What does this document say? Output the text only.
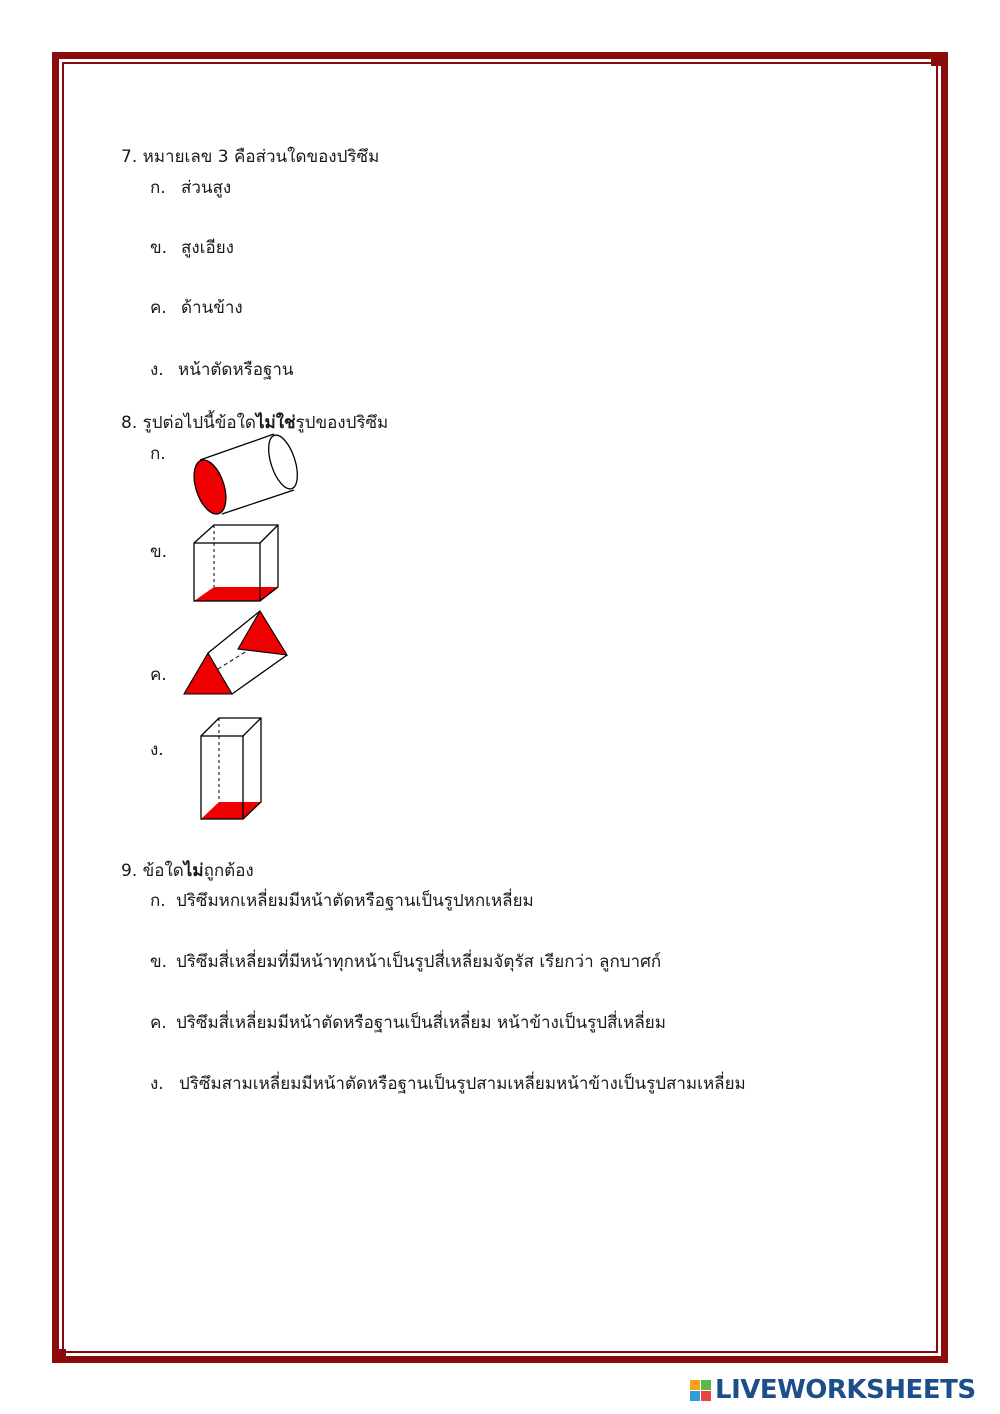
7. หมายเลข 3 คือส่วนใดของปริซึม
ก. ส่วนสูง
ข. สูงเอียง
ค. ด้านข้าง
ง. หน้าตัดหรือฐาน
8. รูปต่อไปนี้ข้อใดไม่ใช่รูปของปริซึม
ก.
ข.
ค.
ง.
9. ข้อใดไม่ถูกต้อง
ก. ปริซึมหกเหลี่ยมมีหน้าตัดหรือฐานเป็นรูปหกเหลี่ยม
ข. ปริซึมสี่เหลี่ยมที่มีหน้าทุกหน้าเป็นรูปสี่เหลี่ยมจัตุรัส เรียกว่า ลูกบาศก์
ค. ปริซึมสี่เหลี่ยมมีหน้าตัดหรือฐานเป็นสี่เหลี่ยม หน้าข้างเป็นรูปสี่เหลี่ยม
ง. ปริซึมสามเหลี่ยมมีหน้าตัดหรือฐานเป็นรูปสามเหลี่ยมหน้าข้างเป็นรูปสามเหลี่ยม
LIVEWORKSHEETS
